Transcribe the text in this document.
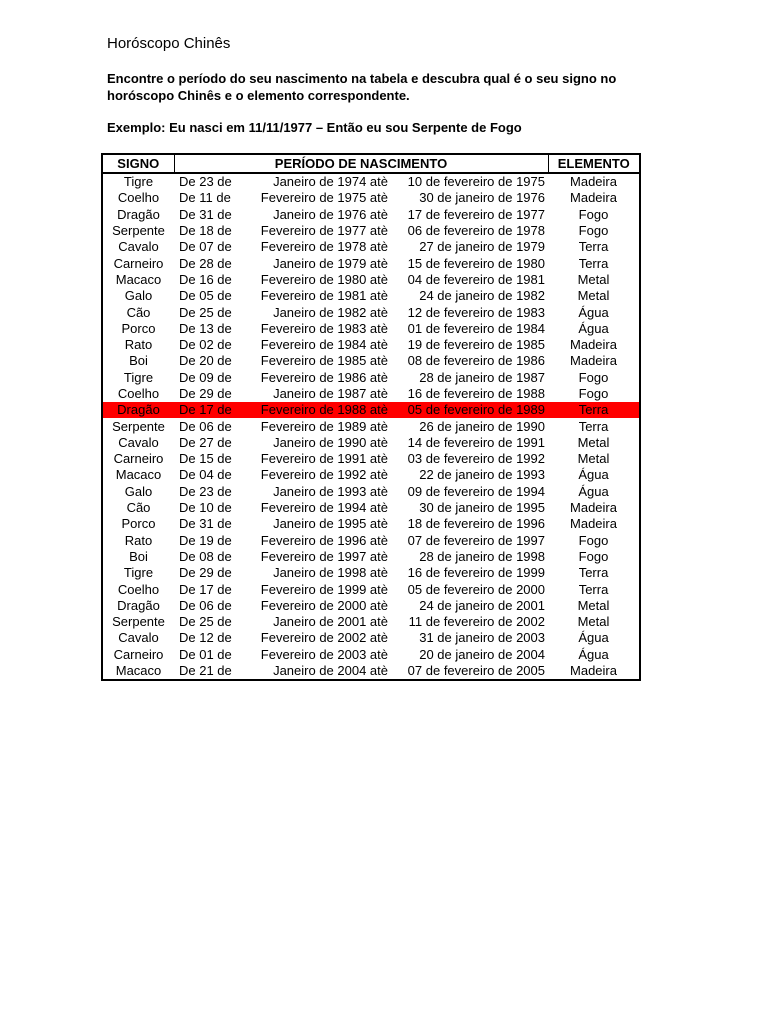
Horóscopo Chinês

Encontre o período do seu nascimento na tabela e descubra qual é o seu signo no horóscopo Chinês e o elemento correspondente.

Exemplo: Eu nasci em 11/11/1977 – Então eu sou Serpente de Fogo

SIGNO	PERÍODO DE NASCIMENTO			ELEMENTO
Tigre	De 23 de	Janeiro de 1974 atè	10 de fevereiro de 1975	Madeira
Coelho	De 11 de	Fevereiro de 1975 atè	30 de janeiro de 1976	Madeira
Dragão	De 31 de	Janeiro de 1976 atè	17 de fevereiro de 1977	Fogo
Serpente	De 18 de	Fevereiro de 1977 atè	06 de fevereiro de 1978	Fogo
Cavalo	De 07 de	Fevereiro de 1978 atè	27 de janeiro de 1979	Terra
Carneiro	De 28 de	Janeiro de 1979 atè	15 de fevereiro de 1980	Terra
Macaco	De 16 de	Fevereiro de 1980 atè	04 de fevereiro de 1981	Metal
Galo	De 05 de	Fevereiro de 1981 atè	24 de janeiro de 1982	Metal
Cão	De 25 de	Janeiro de 1982 atè	12 de fevereiro de 1983	Água
Porco	De 13 de	Fevereiro de 1983 atè	01 de fevereiro de 1984	Água
Rato	De 02 de	Fevereiro de 1984 atè	19 de fevereiro de 1985	Madeira
Boi	De 20 de	Fevereiro de 1985 atè	08 de fevereiro de 1986	Madeira
Tigre	De 09 de	Fevereiro de 1986 atè	28 de janeiro de 1987	Fogo
Coelho	De 29 de	Janeiro de 1987 atè	16 de fevereiro de 1988	Fogo
Dragão	De 17 de	Fevereiro de 1988 atè	05 de fevereiro de 1989	Terra
Serpente	De 06 de	Fevereiro de 1989 atè	26 de janeiro de 1990	Terra
Cavalo	De 27 de	Janeiro de 1990 atè	14 de fevereiro de 1991	Metal
Carneiro	De 15 de	Fevereiro de 1991 atè	03 de fevereiro de 1992	Metal
Macaco	De 04 de	Fevereiro de 1992 atè	22 de janeiro de 1993	Água
Galo	De 23 de	Janeiro de 1993 atè	09 de fevereiro de 1994	Água
Cão	De 10 de	Fevereiro de 1994 atè	30 de janeiro de 1995	Madeira
Porco	De 31 de	Janeiro de 1995 atè	18 de fevereiro de 1996	Madeira
Rato	De 19 de	Fevereiro de 1996 atè	07 de fevereiro de 1997	Fogo
Boi	De 08 de	Fevereiro de 1997 atè	28 de janeiro de 1998	Fogo
Tigre	De 29 de	Janeiro de 1998 atè	16 de fevereiro de 1999	Terra
Coelho	De 17 de	Fevereiro de 1999 atè	05 de fevereiro de 2000	Terra
Dragão	De 06 de	Fevereiro de 2000 atè	24 de janeiro de 2001	Metal
Serpente	De 25 de	Janeiro de 2001 atè	11 de fevereiro de 2002	Metal
Cavalo	De 12 de	Fevereiro de 2002 atè	31 de janeiro de 2003	Água
Carneiro	De 01 de	Fevereiro de 2003 atè	20 de janeiro de 2004	Água
Macaco	De 21 de	Janeiro de 2004 atè	07 de fevereiro de 2005	Madeira
